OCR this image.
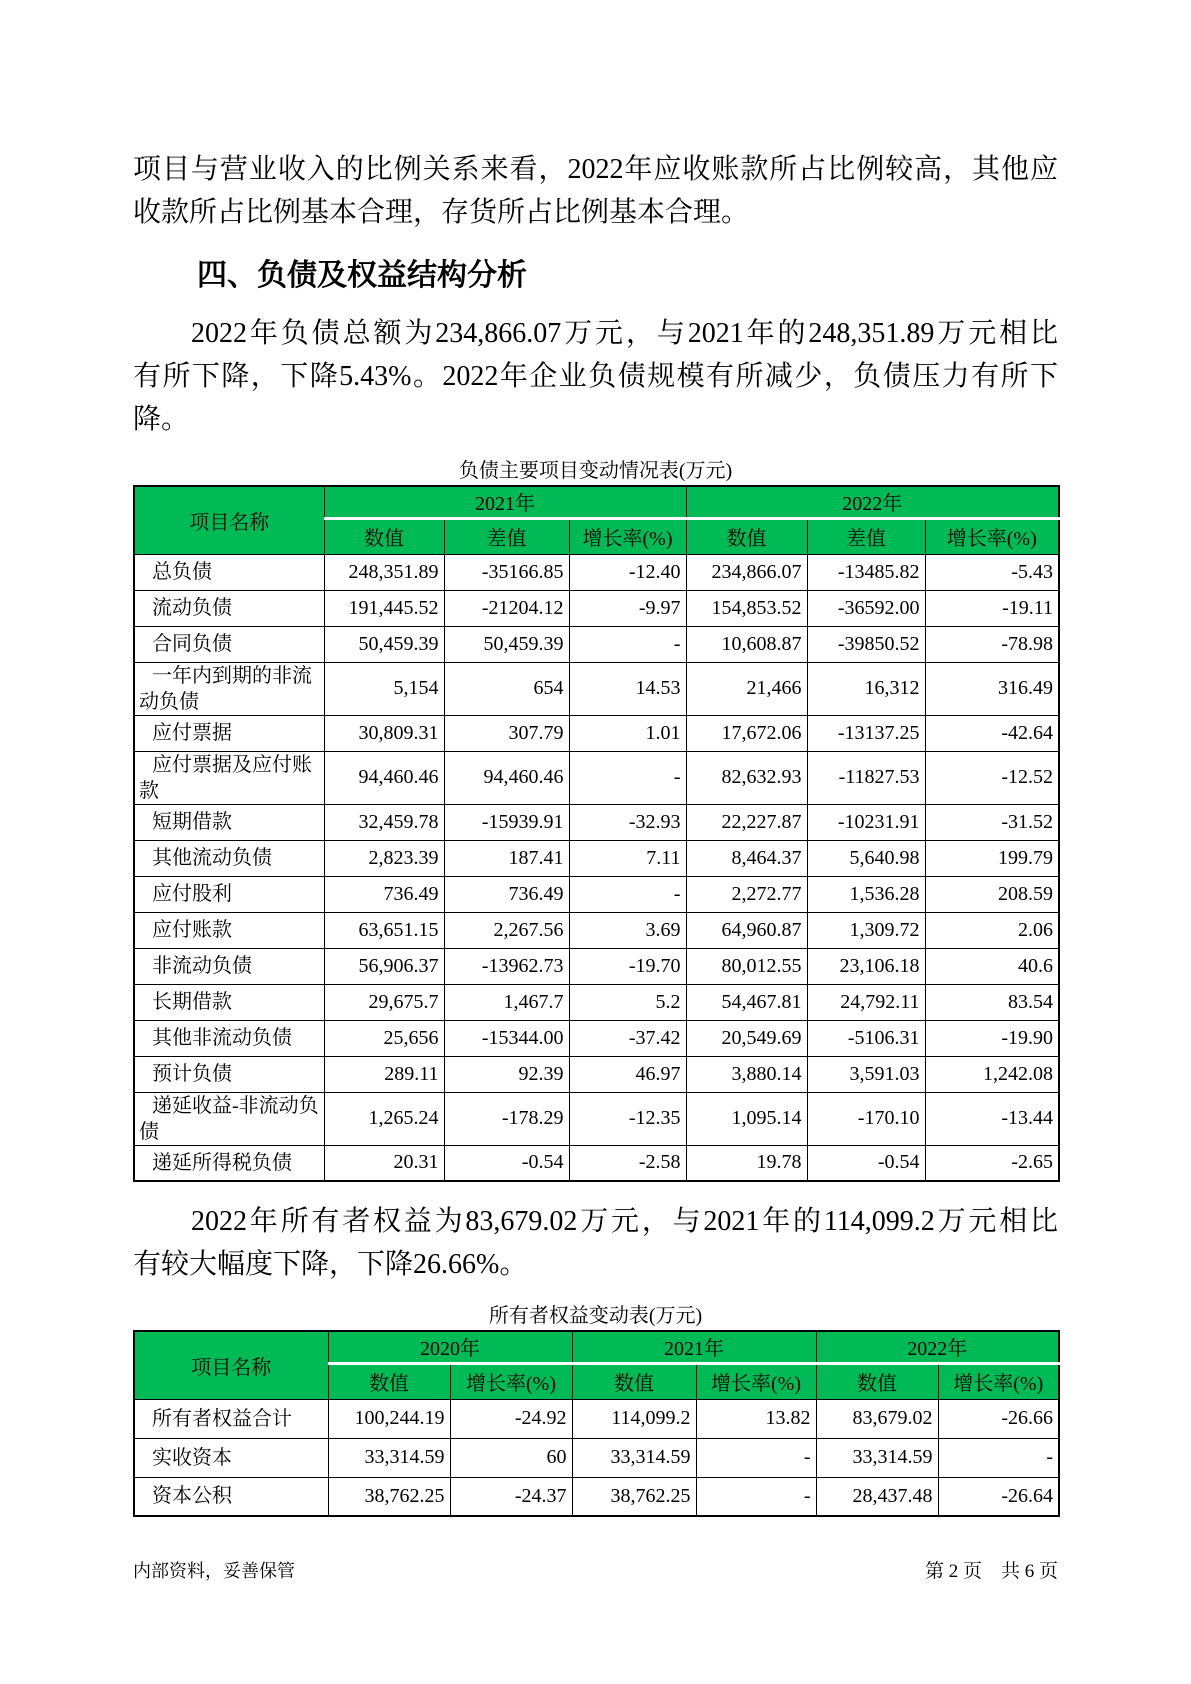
项目与营业收入的比例关系来看，2022年应收账款所占比例较高，其他应
收款所占比例基本合理，存货所占比例基本合理。

四、负债及权益结构分析

2022年负债总额为234,866.07万元，与2021年的248,351.89万元相比
有所下降，下降5.43%。2022年企业负债规模有所减少，负债压力有所下降。

负债主要项目变动情况表(万元)
项目名称	2021年			2022年		
	数值	差值	增长率(%)	数值	差值	增长率(%)
总负债	248,351.89	-35166.85	-12.40	234,866.07	-13485.82	-5.43
流动负债	191,445.52	-21204.12	-9.97	154,853.52	-36592.00	-19.11
合同负债	50,459.39	50,459.39	-	10,608.87	-39850.52	-78.98
一年内到期的非流动负债	5,154	654	14.53	21,466	16,312	316.49
应付票据	30,809.31	307.79	1.01	17,672.06	-13137.25	-42.64
应付票据及应付账款	94,460.46	94,460.46	-	82,632.93	-11827.53	-12.52
短期借款	32,459.78	-15939.91	-32.93	22,227.87	-10231.91	-31.52
其他流动负债	2,823.39	187.41	7.11	8,464.37	5,640.98	199.79
应付股利	736.49	736.49	-	2,272.77	1,536.28	208.59
应付账款	63,651.15	2,267.56	3.69	64,960.87	1,309.72	2.06
非流动负债	56,906.37	-13962.73	-19.70	80,012.55	23,106.18	40.6
长期借款	29,675.7	1,467.7	5.2	54,467.81	24,792.11	83.54
其他非流动负债	25,656	-15344.00	-37.42	20,549.69	-5106.31	-19.90
预计负债	289.11	92.39	46.97	3,880.14	3,591.03	1,242.08
递延收益-非流动负债	1,265.24	-178.29	-12.35	1,095.14	-170.10	-13.44
递延所得税负债	20.31	-0.54	-2.58	19.78	-0.54	-2.65

2022年所有者权益为83,679.02万元，与2021年的114,099.2万元相比
有较大幅度下降，下降26.66%。

所有者权益变动表(万元)
项目名称	2020年		2021年		2022年	
	数值	增长率(%)	数值	增长率(%)	数值	增长率(%)
所有者权益合计	100,244.19	-24.92	114,099.2	13.82	83,679.02	-26.66
实收资本	33,314.59	60	33,314.59	-	33,314.59	-
资本公积	38,762.25	-24.37	38,762.25	-	28,437.48	-26.64
内部资料，妥善保管	第 2 页　共 6 页
